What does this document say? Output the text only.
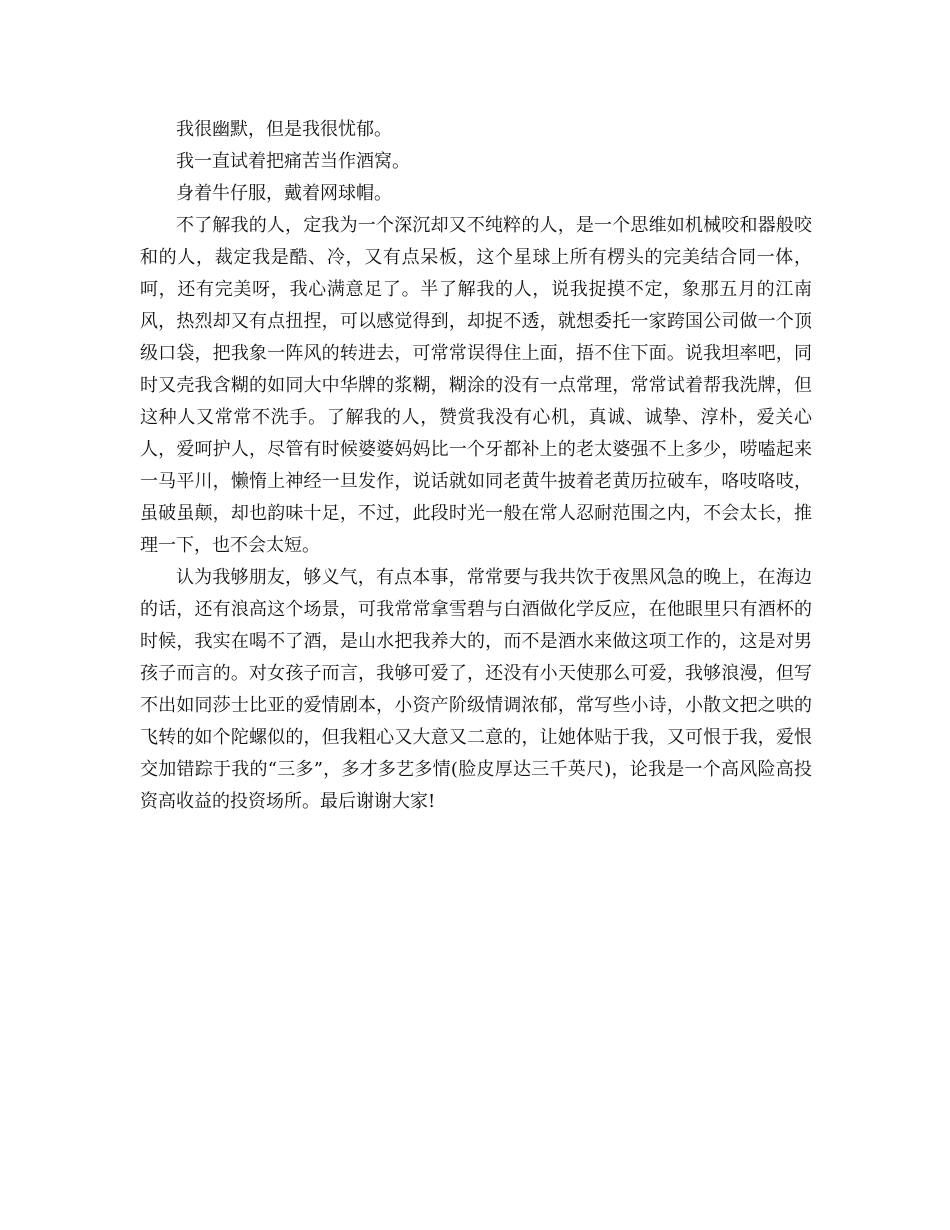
我很幽默，但是我很忧郁。

我一直试着把痛苦当作酒窝。

身着牛仔服，戴着网球帽。

不了解我的人，定我为一个深沉却又不纯粹的人，是一个思维如机械咬和器般咬和的人，裁定我是酷、冷，又有点呆板，这个星球上所有楞头的完美结合同一体，呵，还有完美呀，我心满意足了。半了解我的人，说我捉摸不定，象那五月的江南风，热烈却又有点扭捏，可以感觉得到，却捉不透，就想委托一家跨国公司做一个顶级口袋，把我象一阵风的转进去，可常常误得住上面，捂不住下面。说我坦率吧，同时又壳我含糊的如同大中华牌的浆糊，糊涂的没有一点常理，常常试着帮我洗牌，但这种人又常常不洗手。了解我的人，赞赏我没有心机，真诚、诚挚、淳朴，爱关心人，爱呵护人，尽管有时候婆婆妈妈比一个牙都补上的老太婆强不上多少，唠嗑起来一马平川，懒惰上神经一旦发作，说话就如同老黄牛披着老黄历拉破车，咯吱咯吱，虽破虽颠，却也韵味十足，不过，此段时光一般在常人忍耐范围之内，不会太长，推理一下，也不会太短。

认为我够朋友，够义气，有点本事，常常要与我共饮于夜黑风急的晚上，在海边的话，还有浪高这个场景，可我常常拿雪碧与白酒做化学反应，在他眼里只有酒杯的时候，我实在喝不了酒，是山水把我养大的，而不是酒水来做这项工作的，这是对男孩子而言的。对女孩子而言，我够可爱了，还没有小天使那么可爱，我够浪漫，但写不出如同莎士比亚的爱情剧本，小资产阶级情调浓郁，常写些小诗，小散文把之哄的飞转的如个陀螺似的，但我粗心又大意又二意的，让她体贴于我，又可恨于我，爱恨交加错踪于我的“三多”，多才多艺多情(脸皮厚达三千英尺)，论我是一个高风险高投资高收益的投资场所。最后谢谢大家!
